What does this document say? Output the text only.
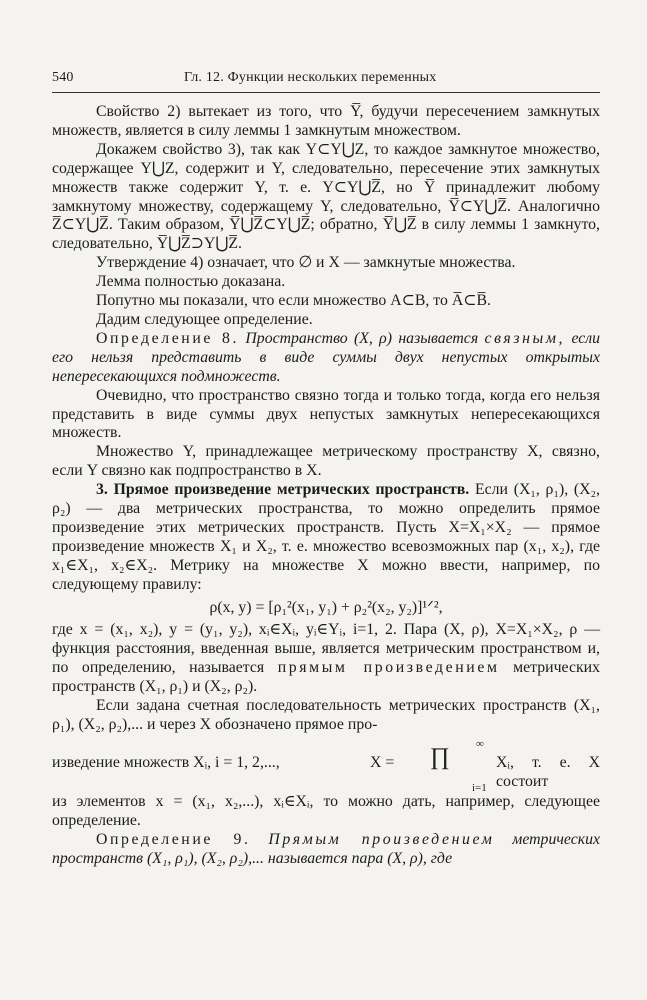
540	Гл. 12. Функции нескольких переменных

Свойство 2) вытекает из того, что Y̅, будучи пересечением замкнутых множеств, является в силу леммы 1 замкнутым множеством.

Докажем свойство 3), так как Y⊂Y⋃Z, то каждое замкнутое множество, содержащее Y⋃Z, содержит и Y, следовательно, пересечение этих замкнутых множеств также содержит Y, т. е. Y⊂Y⋃Z̅, но Y̅ принадлежит любому замкнутому множеству, содержащему Y, следовательно, Y̅⊂Y⋃Z̅. Аналогично Z̅⊂Y⋃Z̅. Таким образом, Y̅⋃Z̅⊂Y⋃Z̅; обратно, Y̅⋃Z̅ в силу леммы 1 замкнуто, следовательно, Y̅⋃Z̅⊃Y⋃Z̅.

Утверждение 4) означает, что ∅ и X — замкнутые множества.

Лемма полностью доказана.

Попутно мы показали, что если множество A⊂B, то A̅⊂B̅.

Дадим следующее определение.

Определение 8. Пространство (X, ρ) называется связным, если его нельзя представить в виде суммы двух непустых открытых непересекающихся подмножеств.

Очевидно, что пространство связно тогда и только тогда, когда его нельзя представить в виде суммы двух непустых замкнутых непересекающихся множеств.

Множество Y, принадлежащее метрическому пространству X, связно, если Y связно как подпространство в X.

3. Прямое произведение метрических пространств. Если (X₁, ρ₁), (X₂, ρ₂) — два метрических пространства, то можно определить прямое произведение этих метрических пространств. Пусть X=X₁×X₂ — прямое произведение множеств X₁ и X₂, т. е. множество всевозможных пар (x₁, x₂), где x₁∈X₁, x₂∈X₂. Метрику на множестве X можно ввести, например, по следующему правилу:

ρ(x, y) = [ρ₁²(x₁, y₁) + ρ₂²(x₂, y₂)]¹ᐟ²,

где x = (x₁, x₂), y = (y₁, y₂), xᵢ∈Xᵢ, yᵢ∈Yᵢ, i=1, 2. Пара (X, ρ), X=X₁×X₂, ρ — функция расстояния, введенная выше, является метрическим пространством и, по определению, называется прямым произведением метрических пространств (X₁, ρ₁) и (X₂, ρ₂).

Если задана счетная последовательность метрических пространств (X₁, ρ₁), (X₂, ρ₂),... и через X обозначено прямое про-

изведение множеств Xᵢ, i = 1, 2,...,	X =
∞
∏
i=1
Xᵢ, т. е. X состоит

из элементов x = (x₁, x₂,...), xᵢ∈Xᵢ, то можно дать, например, следующее определение.

Определение 9. Прямым произведением метрических пространств (X₁, ρ₁), (X₂, ρ₂),... называется пара (X, ρ), где
